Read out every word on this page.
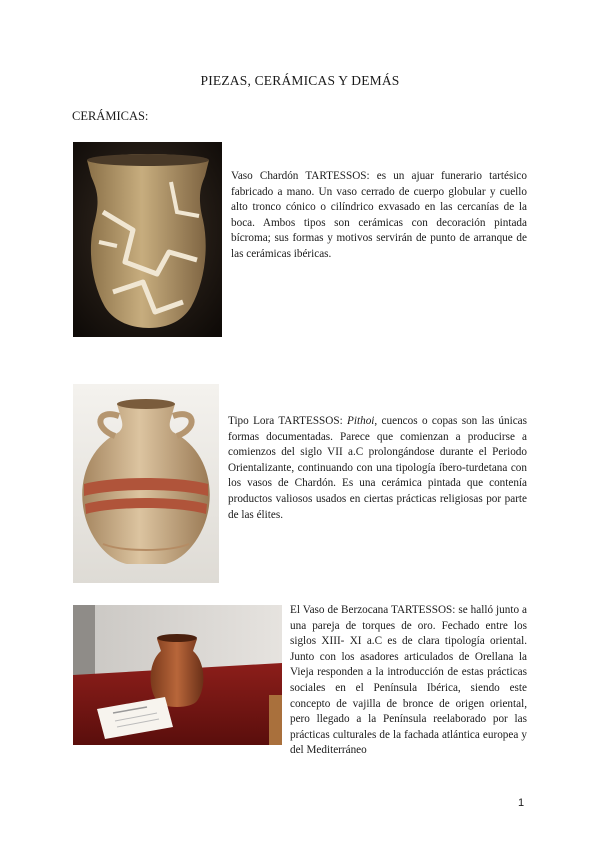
PIEZAS, CERÁMICAS Y DEMÁS
CERÁMICAS:

Vaso Chardón TARTESSOS: es un ajuar funerario tartésico fabricado a mano. Un vaso cerrado de cuerpo globular y cuello alto tronco cónico o cilíndrico exvasado en las cercanías de la boca. Ambos tipos son cerámicas con decoración pintada bícroma; sus formas y motivos servirán de punto de arranque de las cerámicas ibéricas.

Tipo Lora TARTESSOS: Pithoi, cuencos o copas son las únicas formas documentadas. Parece que comienzan a producirse a comienzos del siglo VII a.C prolongándose durante el Periodo Orientalizante, continuando con una tipología íbero-turdetana con los vasos de Chardón. Es una cerámica pintada que contenía productos valiosos usados en ciertas prácticas religiosas por parte de las élites.

El Vaso de Berzocana TARTESSOS: se halló junto a una pareja de torques de oro. Fechado entre los siglos XIII- XI a.C es de clara tipología oriental. Junto con los asadores articulados de Orellana la Vieja responden a la introducción de estas prácticas sociales en el Península Ibérica, siendo este concepto de vajilla de bronce de origen oriental, pero llegado a la Península reelaborado por las prácticas culturales de la fachada atlántica europea y del Mediterráneo

1
